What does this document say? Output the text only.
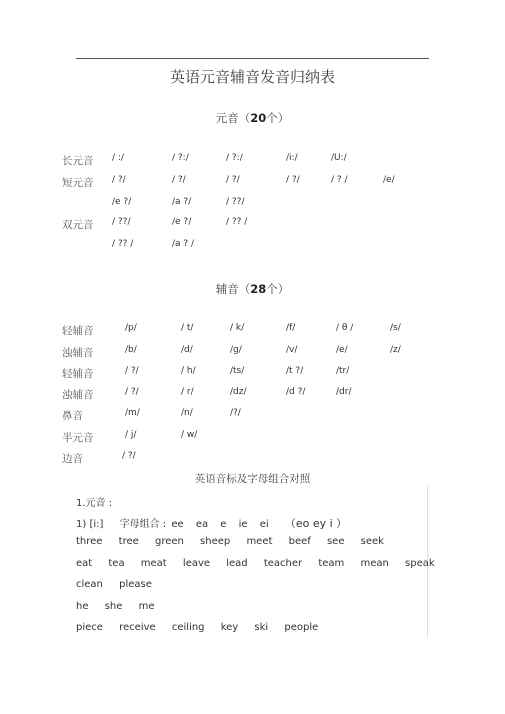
英语元音辅音发音归纳表
元音（20个）
长元音 / :/	/ ?:/	/ ?:/	/i:/	/U:/
短元音 / ?/	/ ?/	/ ?/	/ ?/	/ ? /	/e/
/e ?/	/a ?/	/ ??/
双元音 / ??/	/e ?/	/ ?? /
/ ?? /	/a ? /
辅音（28个）
轻辅音	/p/	/ t/	/ k/	/f/	/ θ /	/s/
浊辅音	/b/	/d/	/g/	/v/	/e/	/z/
轻辅音	/ ?/	/ h/	/ts/	/t ?/	/tr/
浊辅音	/ ?/	/ r/	/dz/	/d ?/	/dr/
鼻音	/m/	/n/	/?/
半元音	/ j/	/ w/
边音	/ ?/
英语音标及字母组合对照
1.元音 :
1) [i:] 字母组合 : ee ea e ie ei （eo ey i ）
three tree green sheep meet beef see seek
eat tea meat leave lead teacher team mean speak
clean please
he she me
piece receive ceiling key ski people
